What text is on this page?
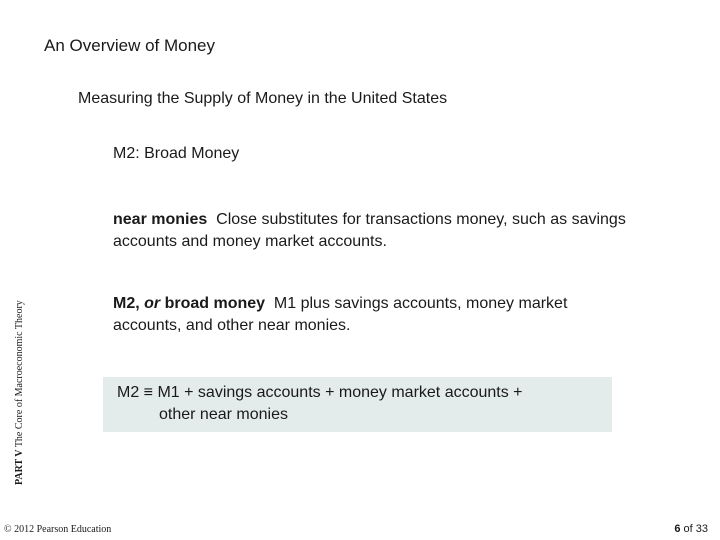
An Overview of Money
Measuring the Supply of Money in the United States
M2: Broad Money
near monies Close substitutes for transactions money, such as savings accounts and money market accounts.
M2, or broad money M1 plus savings accounts, money market accounts, and other near monies.
M2 ≡ M1 + savings accounts + money market accounts +
other near monies
PART V The Core of Macroeconomic Theory
© 2012 Pearson Education	6 of 33
